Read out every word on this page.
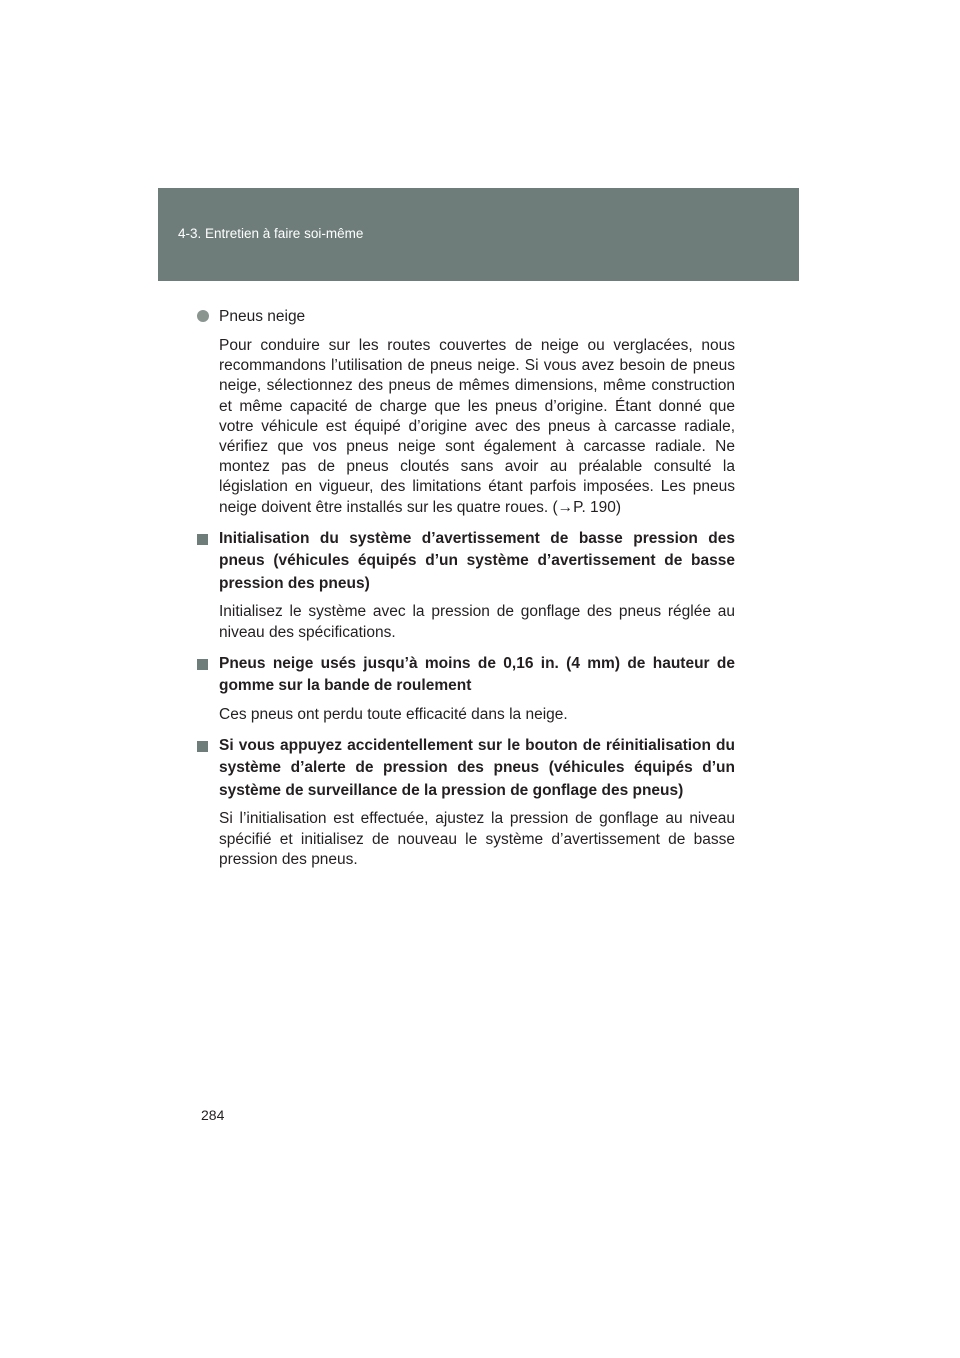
4-3. Entretien à faire soi-même
Pneus neige
Pour conduire sur les routes couvertes de neige ou verglacées, nous recommandons l’utilisation de pneus neige. Si vous avez besoin de pneus neige, sélectionnez des pneus de mêmes dimensions, même construction et même capacité de charge que les pneus d’origine. Étant donné que votre véhicule est équipé d’origine avec des pneus à carcasse radiale, vérifiez que vos pneus neige sont également à carcasse radiale. Ne montez pas de pneus cloutés sans avoir au préalable consulté la législation en vigueur, des limitations étant parfois imposées. Les pneus neige doivent être installés sur les quatre roues. (→P. 190)
Initialisation du système d’avertissement de basse pression des pneus (véhicules équipés d’un système d’avertissement de basse pression des pneus)
Initialisez le système avec la pression de gonflage des pneus réglée au niveau des spécifications.
Pneus neige usés jusqu’à moins de 0,16 in. (4 mm) de hauteur de gomme sur la bande de roulement
Ces pneus ont perdu toute efficacité dans la neige.
Si vous appuyez accidentellement sur le bouton de réinitialisation du système d’alerte de pression des pneus (véhicules équipés d’un système de surveillance de la pression de gonflage des pneus)
Si l’initialisation est effectuée, ajustez la pression de gonflage au niveau spécifié et initialisez de nouveau le système d’avertissement de basse pression des pneus.
284
